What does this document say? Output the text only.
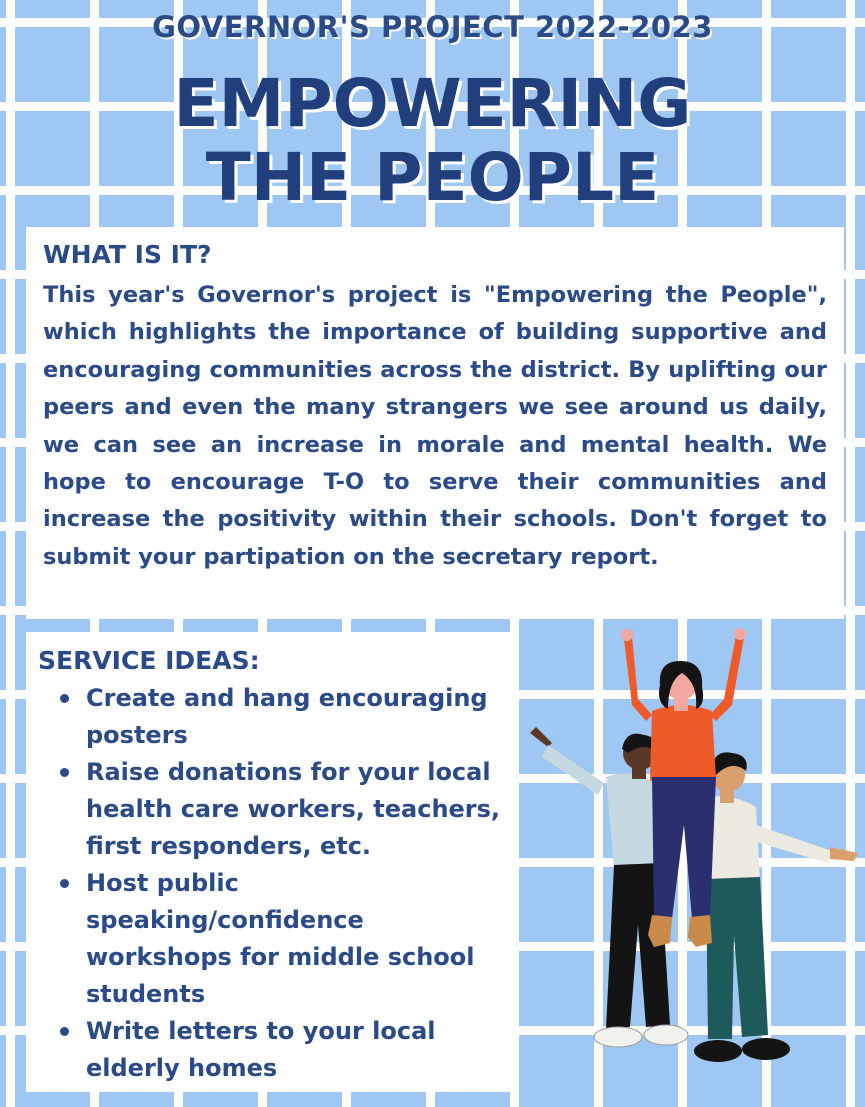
GOVERNOR'S PROJECT 2022-2023
EMPOWERING
THE PEOPLE
WHAT IS IT?
This year's Governor's project is "Empowering the People", which highlights the importance of building supportive and encouraging communities across the district. By uplifting our peers and even the many strangers we see around us daily, we can see an increase in morale and mental health. We hope to encourage T-O to serve their communities and increase the positivity within their schools. Don't forget to submit your partipation on the secretary report.
SERVICE IDEAS:
Create and hang encouraging posters
Raise donations for your local health care workers, teachers, first responders, etc.
Host public speaking/confidence workshops for middle school students
Write letters to your local elderly homes
